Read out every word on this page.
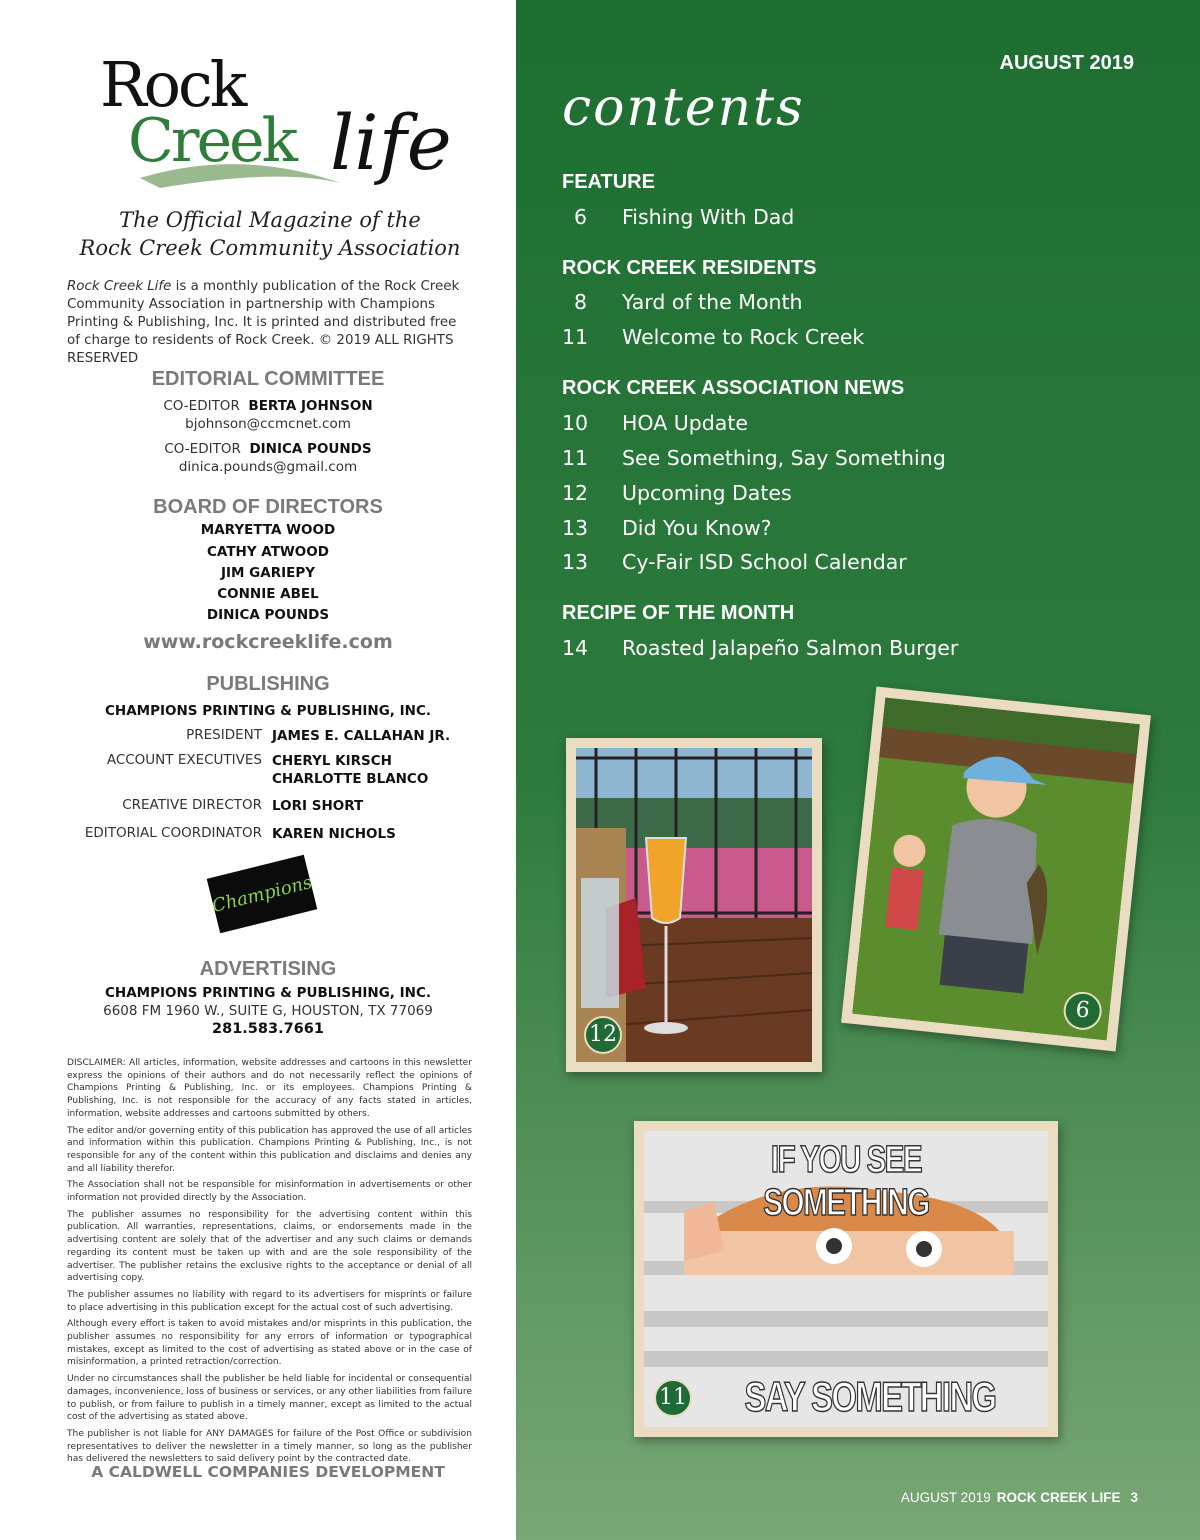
Rock
Creek life
The Official Magazine of the
Rock Creek Community Association
Rock Creek Life is a monthly publication of the Rock Creek Community Association in partnership with Champions Printing & Publishing, Inc. It is printed and distributed free of charge to residents of Rock Creek. © 2019 ALL RIGHTS RESERVED
EDITORIAL COMMITTEE
CO-EDITOR BERTA JOHNSON
bjohnson@ccmcnet.com
CO-EDITOR DINICA POUNDS
dinica.pounds@gmail.com
BOARD OF DIRECTORS
MARYETTA WOOD
CATHY ATWOOD
JIM GARIEPY
CONNIE ABEL
DINICA POUNDS
www.rockcreeklife.com
PUBLISHING
CHAMPIONS PRINTING & PUBLISHING, INC.
PRESIDENT JAMES E. CALLAHAN JR.
ACCOUNT EXECUTIVES CHERYL KIRSCH
CHARLOTTE BLANCO
CREATIVE DIRECTOR LORI SHORT
EDITORIAL COORDINATOR KAREN NICHOLS
Champions
ADVERTISING
CHAMPIONS PRINTING & PUBLISHING, INC.
6608 FM 1960 W., SUITE G, HOUSTON, TX 77069
281.583.7661

DISCLAIMER: All articles, information, website addresses and cartoons in this newsletter express the opinions of their authors and do not necessarily reflect the opinions of Champions Printing & Publishing, Inc. or its employees. Champions Printing & Publishing, Inc. is not responsible for the accuracy of any facts stated in articles, information, website addresses and cartoons submitted by others.

The editor and/or governing entity of this publication has approved the use of all articles and information within this publication. Champions Printing & Publishing, Inc., is not responsible for any of the content within this publication and disclaims and denies any and all liability therefor.

The Association shall not be responsible for misinformation in advertisements or other information not provided directly by the Association.

The publisher assumes no responsibility for the advertising content within this publication. All warranties, representations, claims, or endorsements made in the advertising content are solely that of the advertiser and any such claims or demands regarding its content must be taken up with and are the sole responsibility of the advertiser. The publisher retains the exclusive rights to the acceptance or denial of all advertising copy.

The publisher assumes no liability with regard to its advertisers for misprints or failure to place advertising in this publication except for the actual cost of such advertising.

Although every effort is taken to avoid mistakes and/or misprints in this publication, the publisher assumes no responsibility for any errors of information or typographical mistakes, except as limited to the cost of advertising as stated above or in the case of misinformation, a printed retraction/correction.

Under no circumstances shall the publisher be held liable for incidental or consequential damages, inconvenience, loss of business or services, or any other liabilities from failure to publish, or from failure to publish in a timely manner, except as limited to the actual cost of the advertising as stated above.

The publisher is not liable for ANY DAMAGES for failure of the Post Office or subdivision representatives to deliver the newsletter in a timely manner, so long as the publisher has delivered the newsletters to said delivery point by the contracted date.

A CALDWELL COMPANIES DEVELOPMENT
AUGUST 2019
contents
FEATURE
6 Fishing With Dad
ROCK CREEK RESIDENTS
8 Yard of the Month
11 Welcome to Rock Creek
ROCK CREEK ASSOCIATION NEWS
10 HOA Update
11 See Something, Say Something
12 Upcoming Dates
13 Did You Know?
13 Cy-Fair ISD School Calendar
RECIPE OF THE MONTH
14 Roasted Jalapeño Salmon Burger
12
6
IF YOU SEE SOMETHING
SAY SOMETHING
11
AUGUST 2019 ROCK CREEK LIFE 3
